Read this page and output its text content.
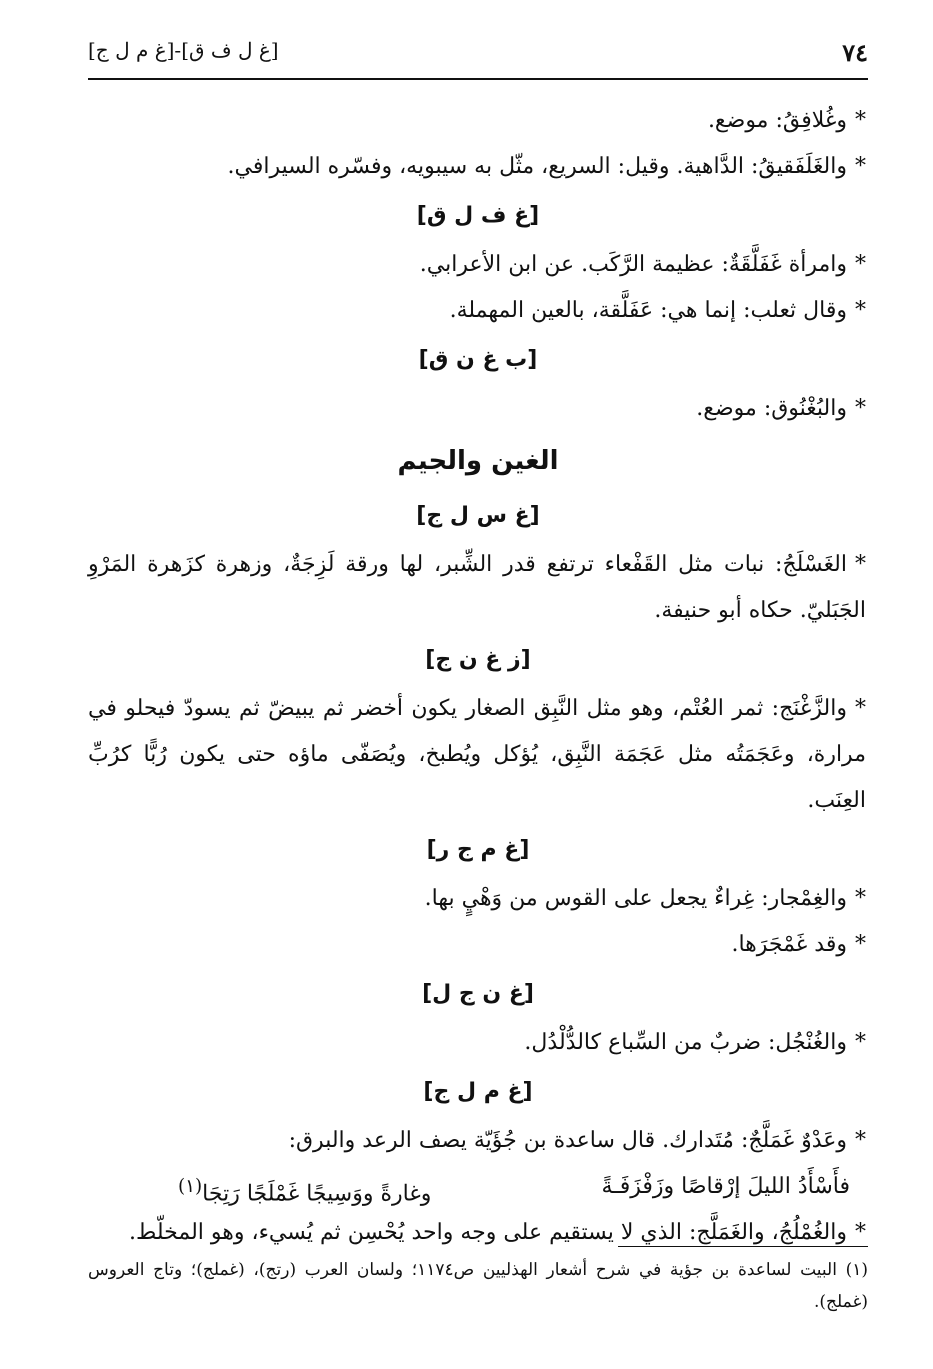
٧٤
[غ ل ف ق]-[غ م ل ج]

*وغُلافِقُ: موضع.

*والغَلَفَقيقُ: الدَّاهية. وقيل: السريع، مثّل به سيبويه، وفسّره السيرافي.

[غ ف ل ق]

*وامرأة غَفَلَّقَةٌ: عظيمة الرَّكَب. عن ابن الأعرابي.

*وقال ثعلب: إنما هي: عَفَلَّقة، بالعين المهملة.

[ب غ ن ق]

*والبُغْنُوق: موضع.

الغين والجيم

[غ س ل ج]

*الغَسْلَجُ: نبات مثل القَفْعاء ترتفع قدر الشِّبر، لها ورقة لَزِجَةٌ، وزهرة كزَهرة المَرْوِ الجَبَليّ. حكاه أبو حنيفة.

[ز غ ن ج]

*والزَّغْنَج: ثمر العُتْم، وهو مثل النَّبِق الصغار يكون أخضر ثم يبيضّ ثم يسودّ فيحلو في مرارة، وعَجَمَتُه مثل عَجَمَة النَّبِق، يُؤكل ويُطبخ، ويُصَفّى ماؤه حتى يكون رُبًّا كرُبِّ العِنَب.

[غ م ج ر]

*والغِمْجار: غِراءٌ يجعل على القوس من وَهْيٍ بها.

*وقد غَمْجَرَها.

[غ ن ج ل]

*والغُنْجُل: ضربٌ من السِّباع كالدُّلْدُل.

[غ م ل ج]

*وعَدْوٌ غَمَلَّجٌ: مُتَدارك. قال ساعدة بن جُؤَيّة يصف الرعد والبرق:

فأَسْأَدُ الليلَ إرْقاصًا وزَفْزَفَـةً
وغارةً ووَسِيجًا غَمْلَجًا رَتِجَا$^{(١)}$

*والغُمْلُجُ، والغَمَلَّج: الذي لا يستقيم على وجه واحد يُحْسِن ثم يُسيء، وهو المخلّط.

(١) البيت لساعدة بن جؤية في شرح أشعار الهذليين ص١١٧٤؛ ولسان العرب (رتج)، (غملج)؛ وتاج العروس (غملج).
